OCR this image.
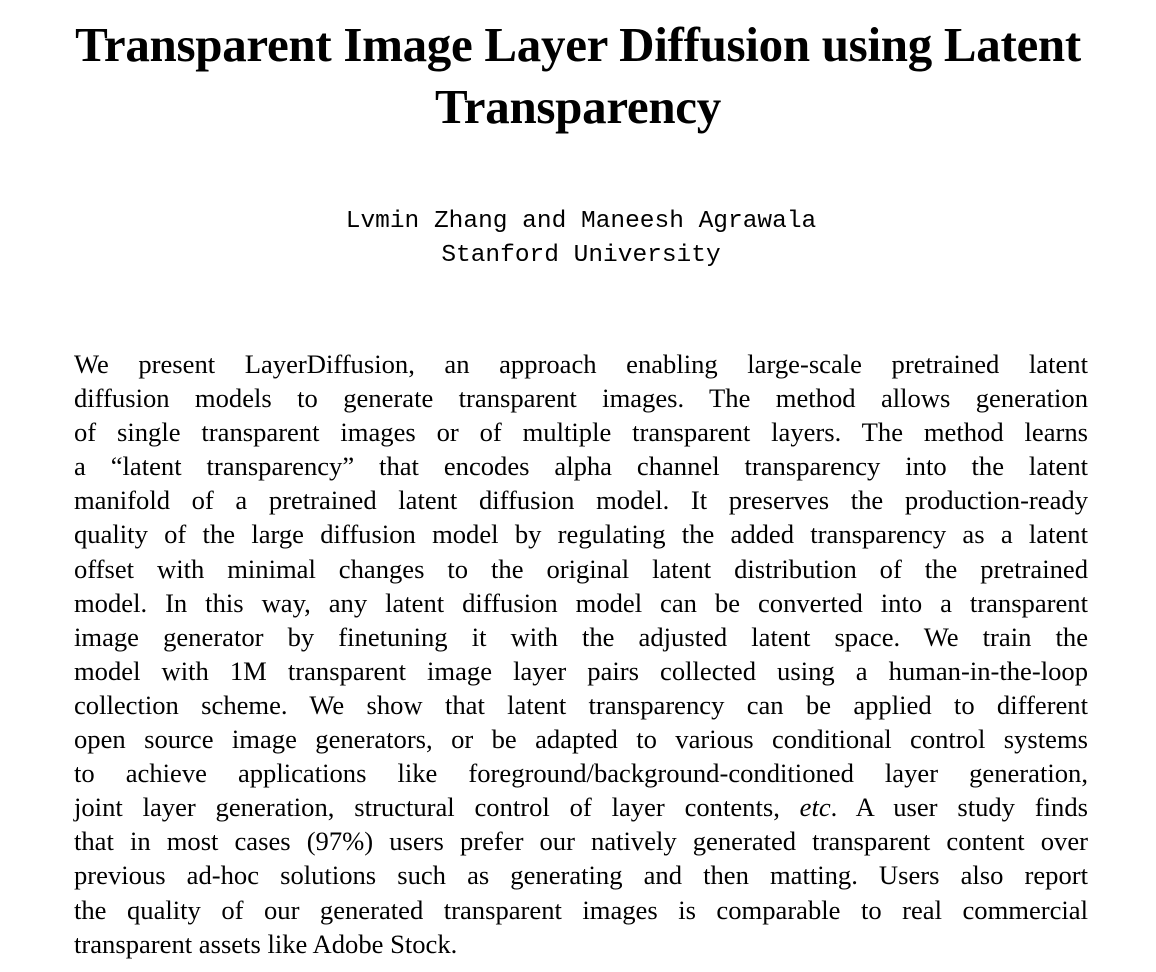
Transparent Image Layer Diffusion using Latent
Transparency
Lvmin Zhang and Maneesh Agrawala
Stanford University
We present LayerDiffusion, an approach enabling large-scale pretrained latent
diffusion models to generate transparent images. The method allows generation
of single transparent images or of multiple transparent layers. The method learns
a “latent transparency” that encodes alpha channel transparency into the latent
manifold of a pretrained latent diffusion model. It preserves the production-ready
quality of the large diffusion model by regulating the added transparency as a latent
offset with minimal changes to the original latent distribution of the pretrained
model. In this way, any latent diffusion model can be converted into a transparent
image generator by finetuning it with the adjusted latent space. We train the
model with 1M transparent image layer pairs collected using a human-in-the-loop
collection scheme. We show that latent transparency can be applied to different
open source image generators, or be adapted to various conditional control systems
to achieve applications like foreground/background-conditioned layer generation,
joint layer generation, structural control of layer contents, etc. A user study finds
that in most cases (97%) users prefer our natively generated transparent content over
previous ad-hoc solutions such as generating and then matting. Users also report
the quality of our generated transparent images is comparable to real commercial
transparent assets like Adobe Stock.
